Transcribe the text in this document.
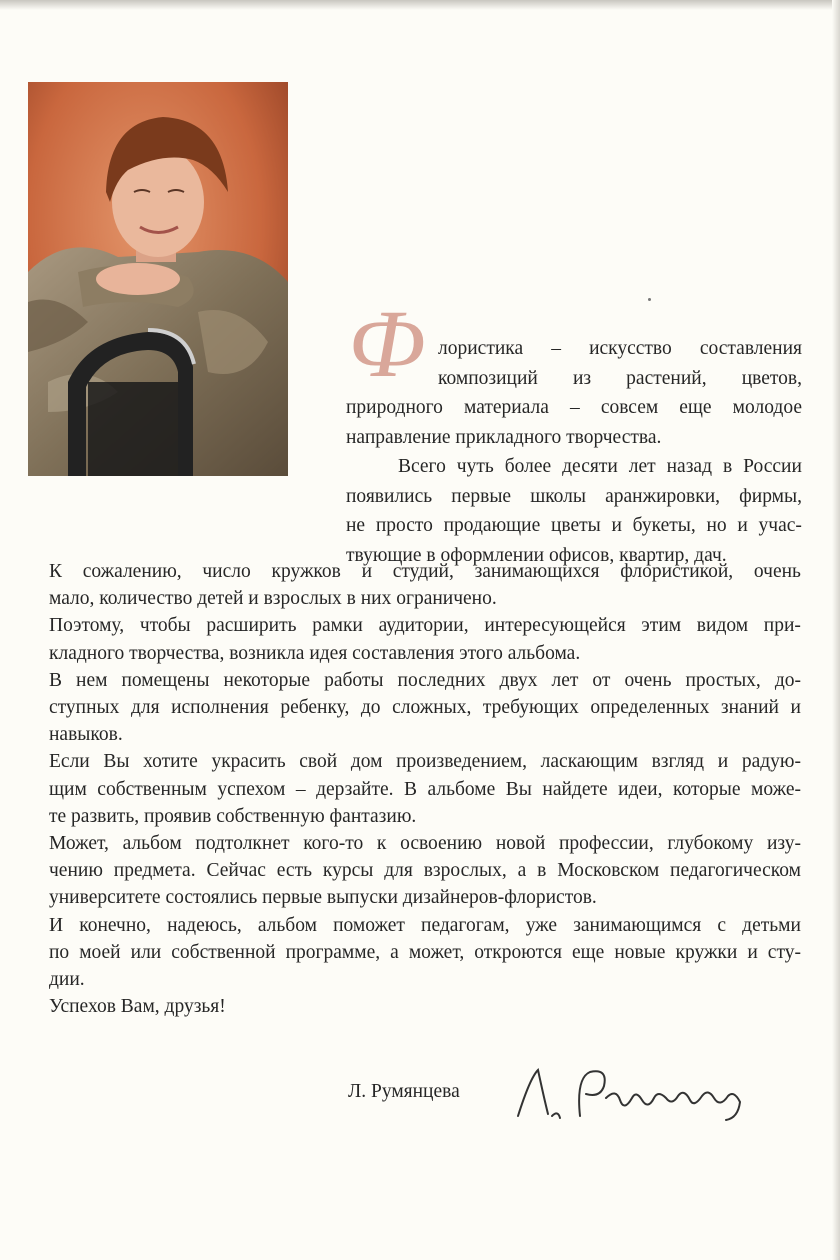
Ф лористика – искусство составления
композиций из растений, цветов,
природного материала – совсем еще молодое
направление прикладного творчества.
Всего чуть более десяти лет назад в России
появились первые школы аранжировки, фирмы,
не просто продающие цветы и букеты, но и учас-
твующие в оформлении офисов, квартир, дач.
К сожалению, число кружков и студий, занимающихся флористикой, очень
мало, количество детей и взрослых в них ограничено.
Поэтому, чтобы расширить рамки аудитории, интересующейся этим видом при-
кладного творчества, возникла идея составления этого альбома.
В нем помещены некоторые работы последних двух лет от очень простых, до-
ступных для исполнения ребенку, до сложных, требующих определенных знаний и
навыков.
Если Вы хотите украсить свой дом произведением, ласкающим взгляд и радую-
щим собственным успехом – дерзайте. В альбоме Вы найдете идеи, которые може-
те развить, проявив собственную фантазию.
Может, альбом подтолкнет кого-то к освоению новой профессии, глубокому изу-
чению предмета. Сейчас есть курсы для взрослых, а в Московском педагогическом
университете состоялись первые выпуски дизайнеров-флористов.
И конечно, надеюсь, альбом поможет педагогам, уже занимающимся с детьми
по моей или собственной программе, а может, откроются еще новые кружки и сту-
дии.
Успехов Вам, друзья!
Л. Румянцева
